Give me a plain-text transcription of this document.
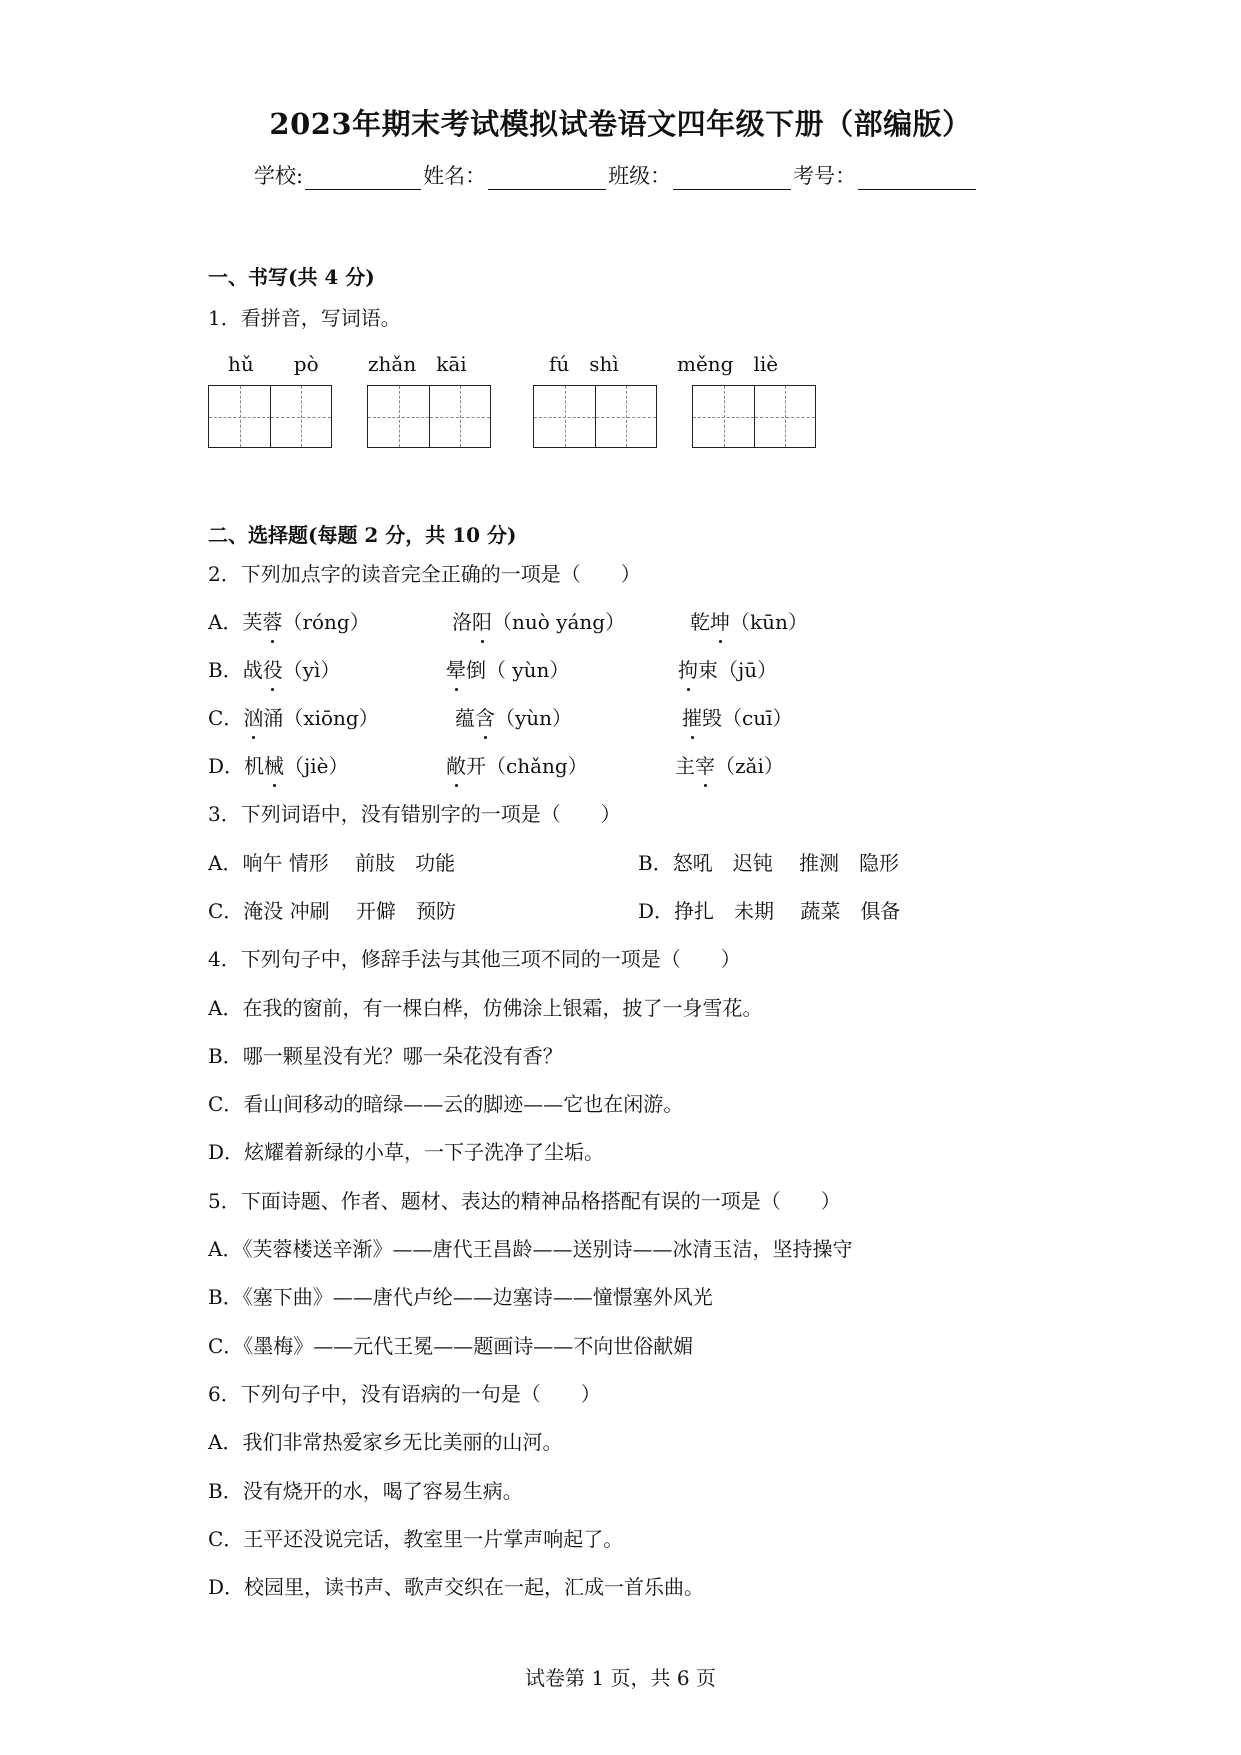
2023年期末考试模拟试卷语文四年级下册（部编版）
学校:	姓名：	班级：	考号：
一、书写(共 4 分)
1．看拼音，写词语。
hǔ　　pò zhǎn　kāi	fú　shì	měng　liè
二、选择题(每题 2 分，共 10 分)
2．下列加点字的读音完全正确的一项是（　　）
A．芙蓉（róng）	洛阳（nuò yáng）	乾坤（kūn）
B．战役（yì）	晕倒（ yùn）	拘束（jū）
C．汹涌（xiōng）	蕴含（yùn）	摧毁（cuī）
D．机械（jiè）	敞开（chǎng）	主宰（zǎi）
3．下列词语中，没有错别字的一项是（　　）
A．响午 情形　 前肢　功能	B．怒吼　迟钝　 推测　隐形
C．淹没 冲刷　 开僻　预防	D．挣扎　未期　 蔬菜　俱备
4．下列句子中，修辞手法与其他三项不同的一项是（　　）
A．在我的窗前，有一棵白桦，仿佛涂上银霜，披了一身雪花。
B．哪一颗星没有光？哪一朵花没有香？
C．看山间移动的暗绿——云的脚迹——它也在闲游。
D．炫耀着新绿的小草，一下子洗净了尘垢。
5．下面诗题、作者、题材、表达的精神品格搭配有误的一项是（　　）
A．《芙蓉楼送辛渐》——唐代王昌龄——送别诗——冰清玉洁，坚持操守
B．《塞下曲》——唐代卢纶——边塞诗——憧憬塞外风光
C．《墨梅》——元代王冕——题画诗——不向世俗献媚
6．下列句子中，没有语病的一句是（　　）
A．我们非常热爱家乡无比美丽的山河。
B．没有烧开的水，喝了容易生病。
C．王平还没说完话，教室里一片掌声响起了。
D．校园里，读书声、歌声交织在一起，汇成一首乐曲。
试卷第 1 页，共 6 页
